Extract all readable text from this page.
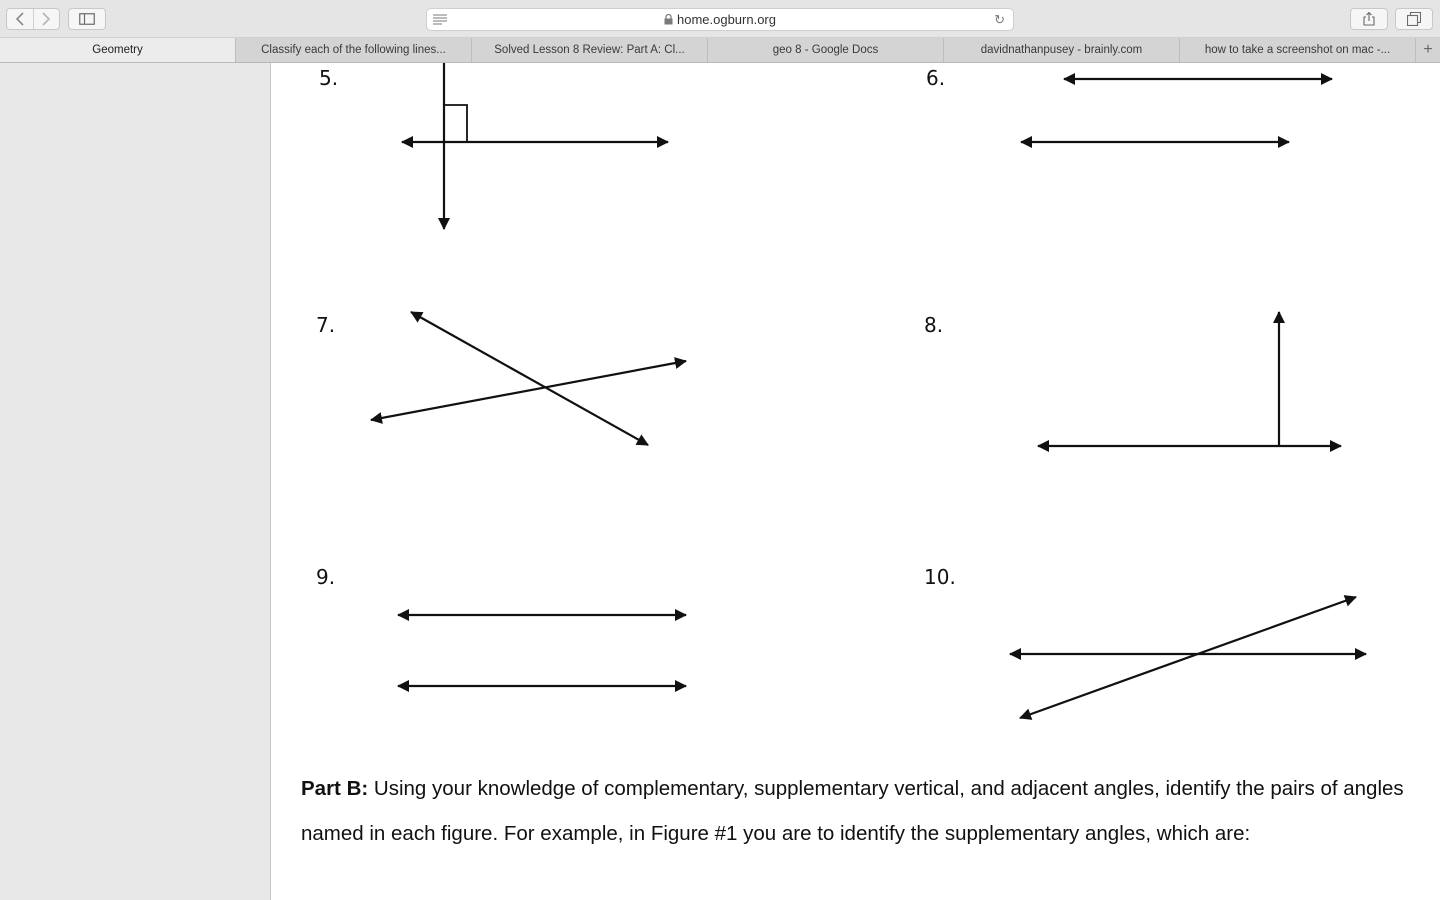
home.ogburn.org	↻
Geometry	Classify each of the following lines...	Solved Lesson 8 Review: Part A: Cl...	geo 8 - Google Docs	davidnathanpusey - brainly.com	how to take a screenshot on mac -... +
5.	6.
7.	8.
9.	10.
Part B: Using your knowledge of complementary, supplementary vertical, and adjacent angles, identify the pairs of angles named in each figure. For example, in Figure #1 you are to identify the supplementary angles, which are:
